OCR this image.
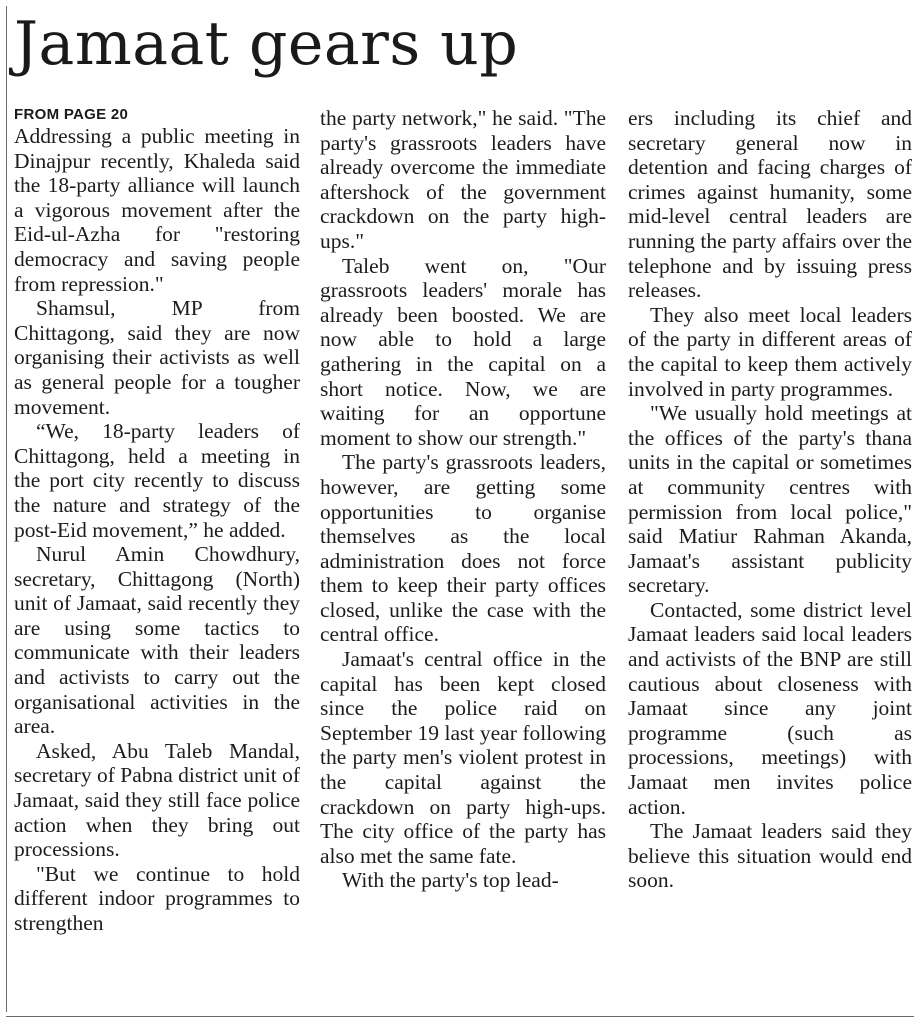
Jamaat gears up
FROM PAGE 20

Addressing a public meeting in Dinajpur recently, Khaleda said the 18-party alliance will launch a vigorous movement after the Eid-ul-Azha for "restoring democracy and saving people from repression."

Shamsul, MP from Chittagong, said they are now organising their activists as well as general people for a tougher movement.

“We, 18-party leaders of Chittagong, held a meeting in the port city recently to discuss the nature and strategy of the post-Eid movement,” he added.

Nurul Amin Chowdhury, secretary, Chittagong (North) unit of Jamaat, said recently they are using some tactics to communicate with their leaders and activists to carry out the organisational activities in the area.

Asked, Abu Taleb Mandal, secretary of Pabna district unit of Jamaat, said they still face police action when they bring out processions.

"But we continue to hold different indoor programmes to strengthen

the party network," he said. "The party's grassroots leaders have already overcome the immediate aftershock of the government crackdown on the party high-ups."

Taleb went on, "Our grassroots leaders' morale has already been boosted. We are now able to hold a large gathering in the capital on a short notice. Now, we are waiting for an opportune moment to show our strength."

The party's grassroots leaders, however, are getting some opportunities to organise themselves as the local administration does not force them to keep their party offices closed, unlike the case with the central office.

Jamaat's central office in the capital has been kept closed since the police raid on September 19 last year following the party men's violent protest in the capital against the crackdown on party high-ups. The city office of the party has also met the same fate.

With the party's top lead-

ers including its chief and secretary general now in detention and facing charges of crimes against humanity, some mid-level central leaders are running the party affairs over the telephone and by issuing press releases.

They also meet local leaders of the party in different areas of the capital to keep them actively involved in party programmes.

"We usually hold meetings at the offices of the party's thana units in the capital or sometimes at community centres with permission from local police," said Matiur Rahman Akanda, Jamaat's assistant publicity secretary.

Contacted, some district level Jamaat leaders said local leaders and activists of the BNP are still cautious about closeness with Jamaat since any joint programme (such as processions, meetings) with Jamaat men invites police action.

The Jamaat leaders said they believe this situation would end soon.
